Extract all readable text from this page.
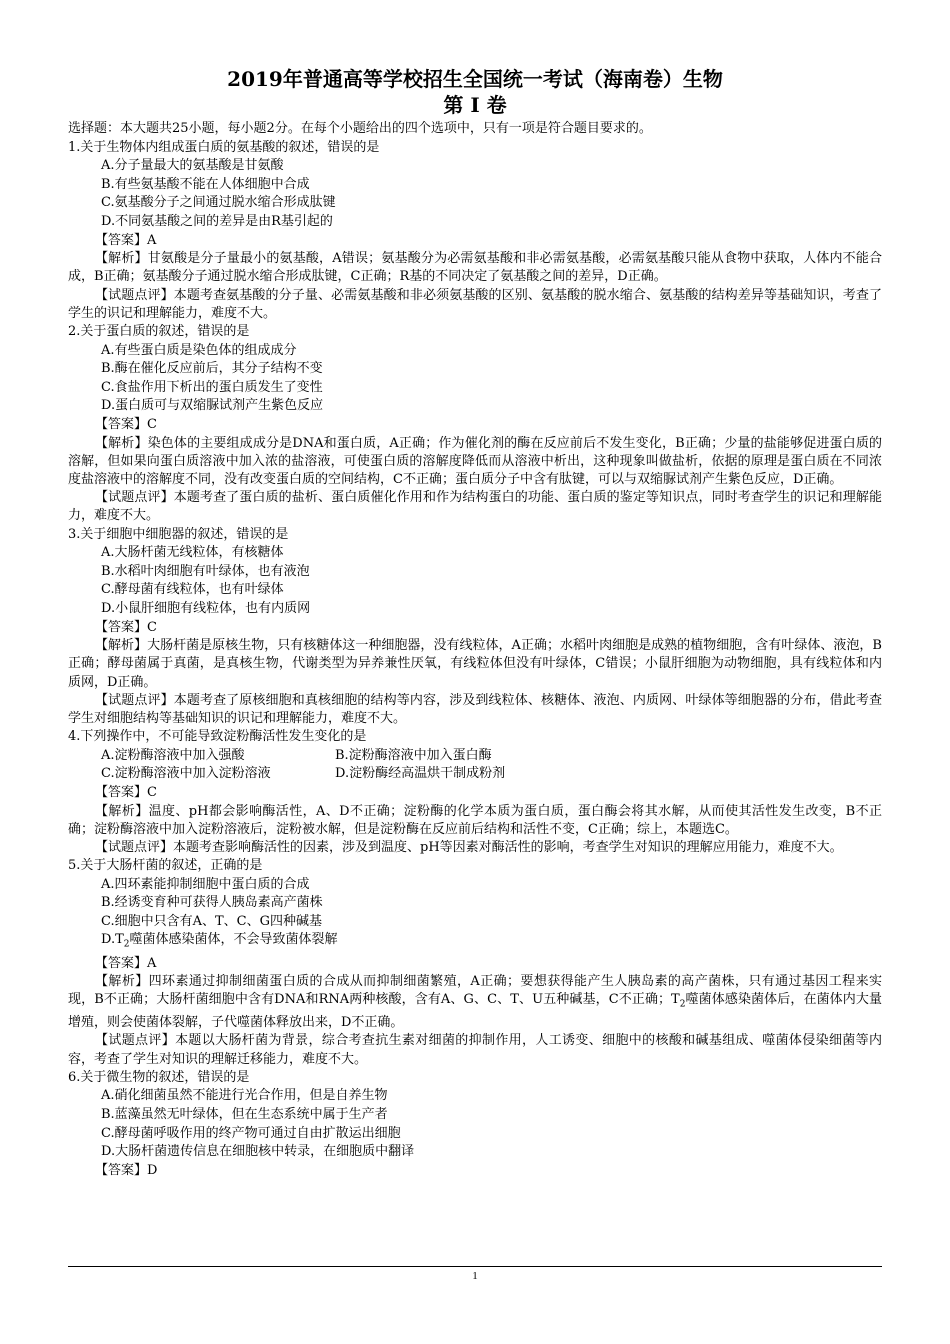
2019年普通高等学校招生全国统一考试（海南卷）生物
第 I 卷
选择题：本大题共25小题，每小题2分。在每个小题给出的四个选项中，只有一项是符合题目要求的。
1.关于生物体内组成蛋白质的氨基酸的叙述，错误的是
A.分子量最大的氨基酸是甘氨酸
B.有些氨基酸不能在人体细胞中合成
C.氨基酸分子之间通过脱水缩合形成肽键
D.不同氨基酸之间的差异是由R基引起的
【答案】A
【解析】甘氨酸是分子量最小的氨基酸，A错误；氨基酸分为必需氨基酸和非必需氨基酸，必需氨基酸只能从食物中获取，人体内不能合成，B正确；氨基酸分子通过脱水缩合形成肽键，C正确；R基的不同决定了氨基酸之间的差异，D正确。
【试题点评】本题考查氨基酸的分子量、必需氨基酸和非必须氨基酸的区别、氨基酸的脱水缩合、氨基酸的结构差异等基础知识，考查了学生的识记和理解能力，难度不大。
2.关于蛋白质的叙述，错误的是
A.有些蛋白质是染色体的组成成分
B.酶在催化反应前后，其分子结构不变
C.食盐作用下析出的蛋白质发生了变性
D.蛋白质可与双缩脲试剂产生紫色反应
【答案】C
【解析】染色体的主要组成成分是DNA和蛋白质，A正确；作为催化剂的酶在反应前后不发生变化，B正确；少量的盐能够促进蛋白质的溶解，但如果向蛋白质溶液中加入浓的盐溶液，可使蛋白质的溶解度降低而从溶液中析出，这种现象叫做盐析，依据的原理是蛋白质在不同浓度盐溶液中的溶解度不同，没有改变蛋白质的空间结构，C不正确；蛋白质分子中含有肽键，可以与双缩脲试剂产生紫色反应，D正确。
【试题点评】本题考查了蛋白质的盐析、蛋白质催化作用和作为结构蛋白的功能、蛋白质的鉴定等知识点，同时考查学生的识记和理解能力，难度不大。
3.关于细胞中细胞器的叙述，错误的是
A.大肠杆菌无线粒体，有核糖体
B.水稻叶肉细胞有叶绿体，也有液泡
C.酵母菌有线粒体，也有叶绿体
D.小鼠肝细胞有线粒体，也有内质网
【答案】C
【解析】大肠杆菌是原核生物，只有核糖体这一种细胞器，没有线粒体，A正确；水稻叶肉细胞是成熟的植物细胞，含有叶绿体、液泡，B正确；酵母菌属于真菌，是真核生物，代谢类型为异养兼性厌氧，有线粒体但没有叶绿体，C错误；小鼠肝细胞为动物细胞，具有线粒体和内质网，D正确。
【试题点评】本题考查了原核细胞和真核细胞的结构等内容，涉及到线粒体、核糖体、液泡、内质网、叶绿体等细胞器的分布，借此考查学生对细胞结构等基础知识的识记和理解能力，难度不大。
4.下列操作中，不可能导致淀粉酶活性发生变化的是
A.淀粉酶溶液中加入强酸	B.淀粉酶溶液中加入蛋白酶
C.淀粉酶溶液中加入淀粉溶液	D.淀粉酶经高温烘干制成粉剂
【答案】C
【解析】温度、pH都会影响酶活性，A、D不正确；淀粉酶的化学本质为蛋白质，蛋白酶会将其水解，从而使其活性发生改变，B不正确；淀粉酶溶液中加入淀粉溶液后，淀粉被水解，但是淀粉酶在反应前后结构和活性不变，C正确；综上，本题选C。
【试题点评】本题考查影响酶活性的因素，涉及到温度、pH等因素对酶活性的影响，考查学生对知识的理解应用能力，难度不大。
5.关于大肠杆菌的叙述，正确的是
A.四环素能抑制细胞中蛋白质的合成
B.经诱变育种可获得人胰岛素高产菌株
C.细胞中只含有A、T、C、G四种碱基
$D.T_2$噬菌体感染菌体，不会导致菌体裂解
【答案】A
【解析】四环素通过抑制细菌蛋白质的合成从而抑制细菌繁殖，A正确；要想获得能产生人胰岛素的高产菌株，只有通过基因工程来实现，B不正确；大肠杆菌细胞中含有DNA和RNA两种核酸，含有A、G、C、T、U五种碱基，C不正确；$T_2$噬菌体感染菌体后，在菌体内大量增殖，则会使菌体裂解，子代噬菌体释放出来，D不正确。
【试题点评】本题以大肠杆菌为背景，综合考查抗生素对细菌的抑制作用，人工诱变、细胞中的核酸和碱基组成、噬菌体侵染细菌等内容，考查了学生对知识的理解迁移能力，难度不大。
6.关于微生物的叙述，错误的是
A.硝化细菌虽然不能进行光合作用，但是自养生物
B.蓝藻虽然无叶绿体，但在生态系统中属于生产者
C.酵母菌呼吸作用的终产物可通过自由扩散运出细胞
D.大肠杆菌遗传信息在细胞核中转录，在细胞质中翻译
【答案】D
1
